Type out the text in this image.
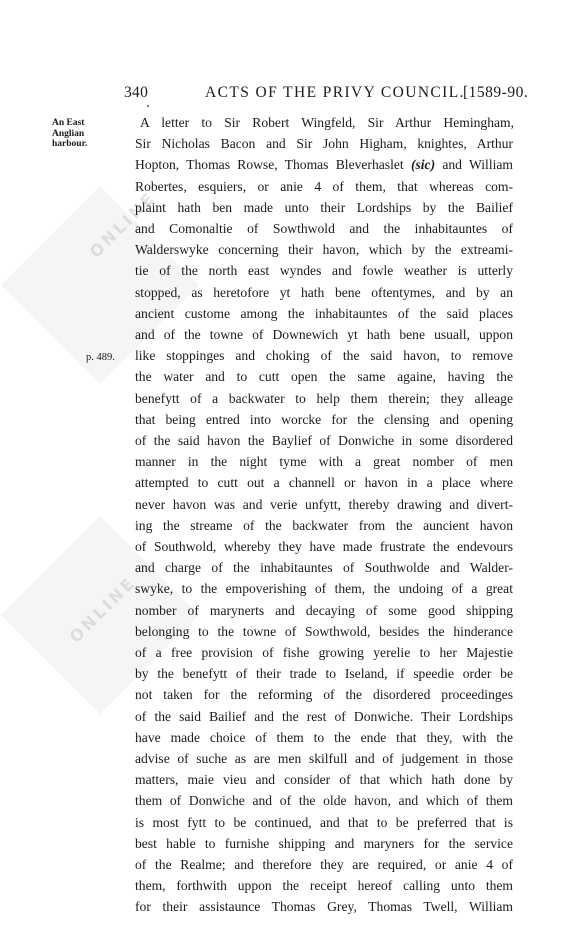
ONLINE
ONLINE
340	ACTS OF THE PRIVY COUNCIL.
[1589-90.
An East
Anglian
harbour.
p. 489.
A letter to Sir Robert Wingfeld, Sir Arthur Hemingham,
Sir Nicholas Bacon and Sir John Higham, knightes, Arthur
Hopton, Thomas Rowse, Thomas Bleverhaslet (sic) and William
Robertes, esquiers, or anie 4 of them, that whereas com-
plaint hath ben made unto their Lordships by the Bailief
and Comonaltie of Sowthwold and the inhabitauntes of
Walderswyke concerning their havon, which by the extreami-
tie of the north east wyndes and fowle weather is utterly
stopped, as heretofore yt hath bene oftentymes, and by an
ancient custome among the inhabitauntes of the said places
and of the towne of Downewich yt hath bene usuall, uppon
like stoppinges and choking of the said havon, to remove
the water and to cutt open the same againe, having the
benefytt of a backwater to help them therein; they alleage
that being entred into worcke for the clensing and opening
of the said havon the Baylief of Donwiche in some disordered
manner in the night tyme with a great nomber of men
attempted to cutt out a channell or havon in a place where
never havon was and verie unfytt, thereby drawing and divert-
ing the streame of the backwater from the auncient havon
of Southwold, whereby they have made frustrate the endevours
and charge of the inhabitauntes of Southwolde and Walder-
swyke, to the empoverishing of them, the undoing of a great
nomber of marynerts and decaying of some good shipping
belonging to the towne of Sowthwold, besides the hinderance
of a free provision of fishe growing yerelie to her Majestie
by the benefytt of their trade to Iseland, if speedie order be
not taken for the reforming of the disordered proceedinges
of the said Bailief and the rest of Donwiche. Their Lordships
have made choice of them to the ende that they, with the
advise of suche as are men skilfull and of judgement in those
matters, maie vieu and consider of that which hath done by
them of Donwiche and of the olde havon, and which of them
is most fytt to be continued, and that to be preferred that is
best hable to furnishe shipping and maryners for the service
of the Realme; and therefore they are required, or anie 4 of
them, forthwith uppon the receipt hereof calling unto them
for their assistaunce Thomas Grey, Thomas Twell, William
